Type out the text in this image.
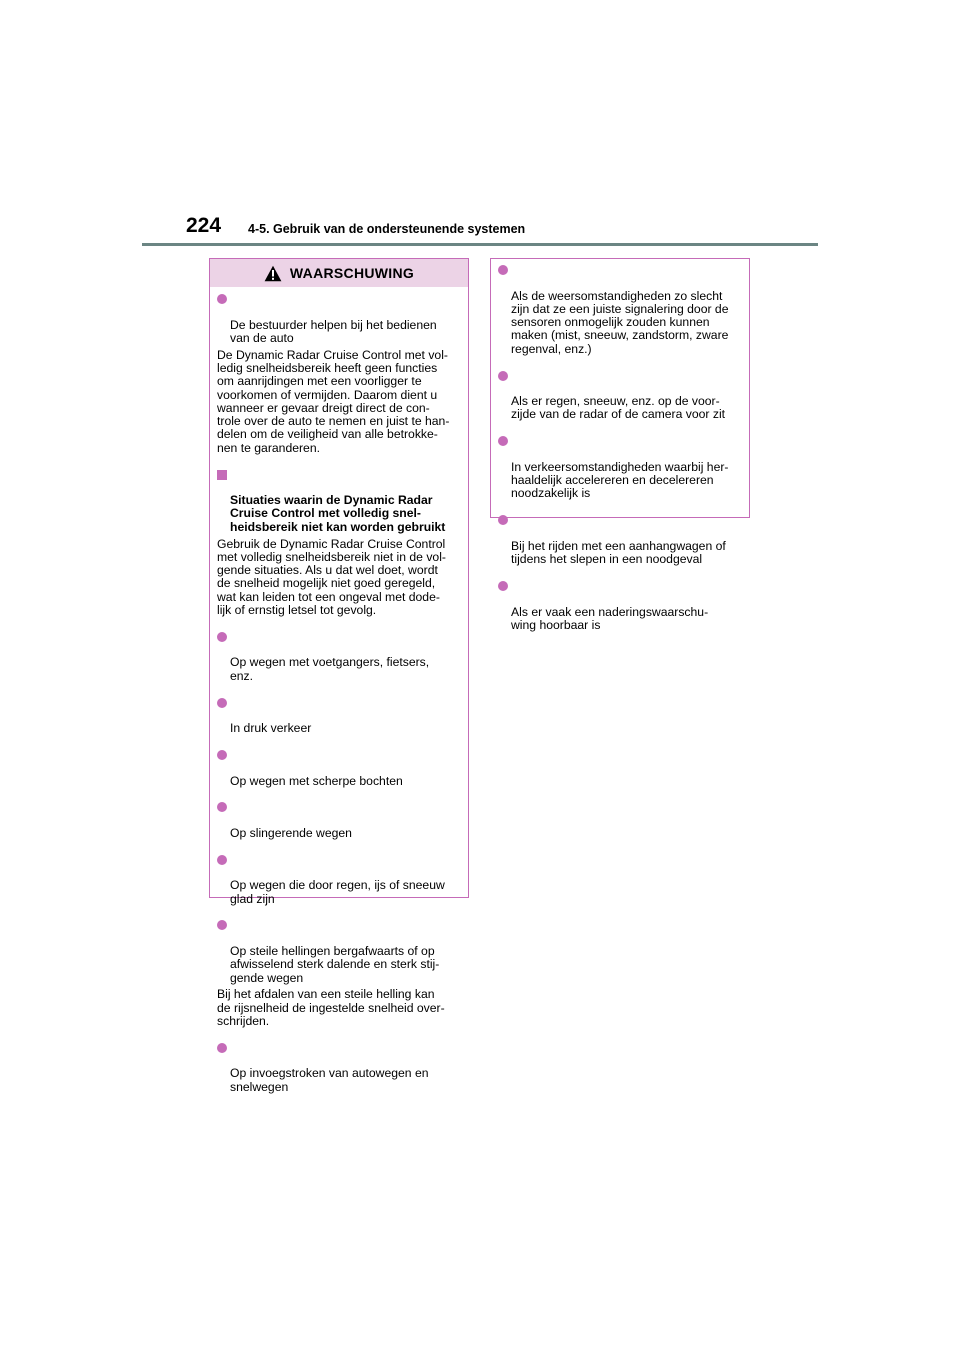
224 4-5. Gebruik van de ondersteunende systemen
WAARSCHUWING

De bestuurder helpen bij het bedienen
van de auto

De Dynamic Radar Cruise Control met vol-
ledig snelheidsbereik heeft geen functies
om aanrijdingen met een voorligger te
voorkomen of vermijden. Daarom dient u
wanneer er gevaar dreigt direct de con-
trole over de auto te nemen en juist te han-
delen om de veiligheid van alle betrokke-
nen te garanderen.

Situaties waarin de Dynamic Radar
Cruise Control met volledig snel-
heidsbereik niet kan worden gebruikt

Gebruik de Dynamic Radar Cruise Control
met volledig snelheidsbereik niet in de vol-
gende situaties. Als u dat wel doet, wordt
de snelheid mogelijk niet goed geregeld,
wat kan leiden tot een ongeval met dode-
lijk of ernstig letsel tot gevolg.

Op wegen met voetgangers, fietsers,
enz.

In druk verkeer

Op wegen met scherpe bochten

Op slingerende wegen

Op wegen die door regen, ijs of sneeuw
glad zijn

Op steile hellingen bergafwaarts of op
afwisselend sterk dalende en sterk stij-
gende wegen

Bij het afdalen van een steile helling kan
de rijsnelheid de ingestelde snelheid over-
schrijden.

Op invoegstroken van autowegen en
snelwegen

Als de weersomstandigheden zo slecht
zijn dat ze een juiste signalering door de
sensoren onmogelijk zouden kunnen
maken (mist, sneeuw, zandstorm, zware
regenval, enz.)

Als er regen, sneeuw, enz. op de voor-
zijde van de radar of de camera voor zit

In verkeersomstandigheden waarbij her-
haaldelijk accelereren en decelereren
noodzakelijk is

Bij het rijden met een aanhangwagen of
tijdens het slepen in een noodgeval

Als er vaak een naderingswaarschu-
wing hoorbaar is
